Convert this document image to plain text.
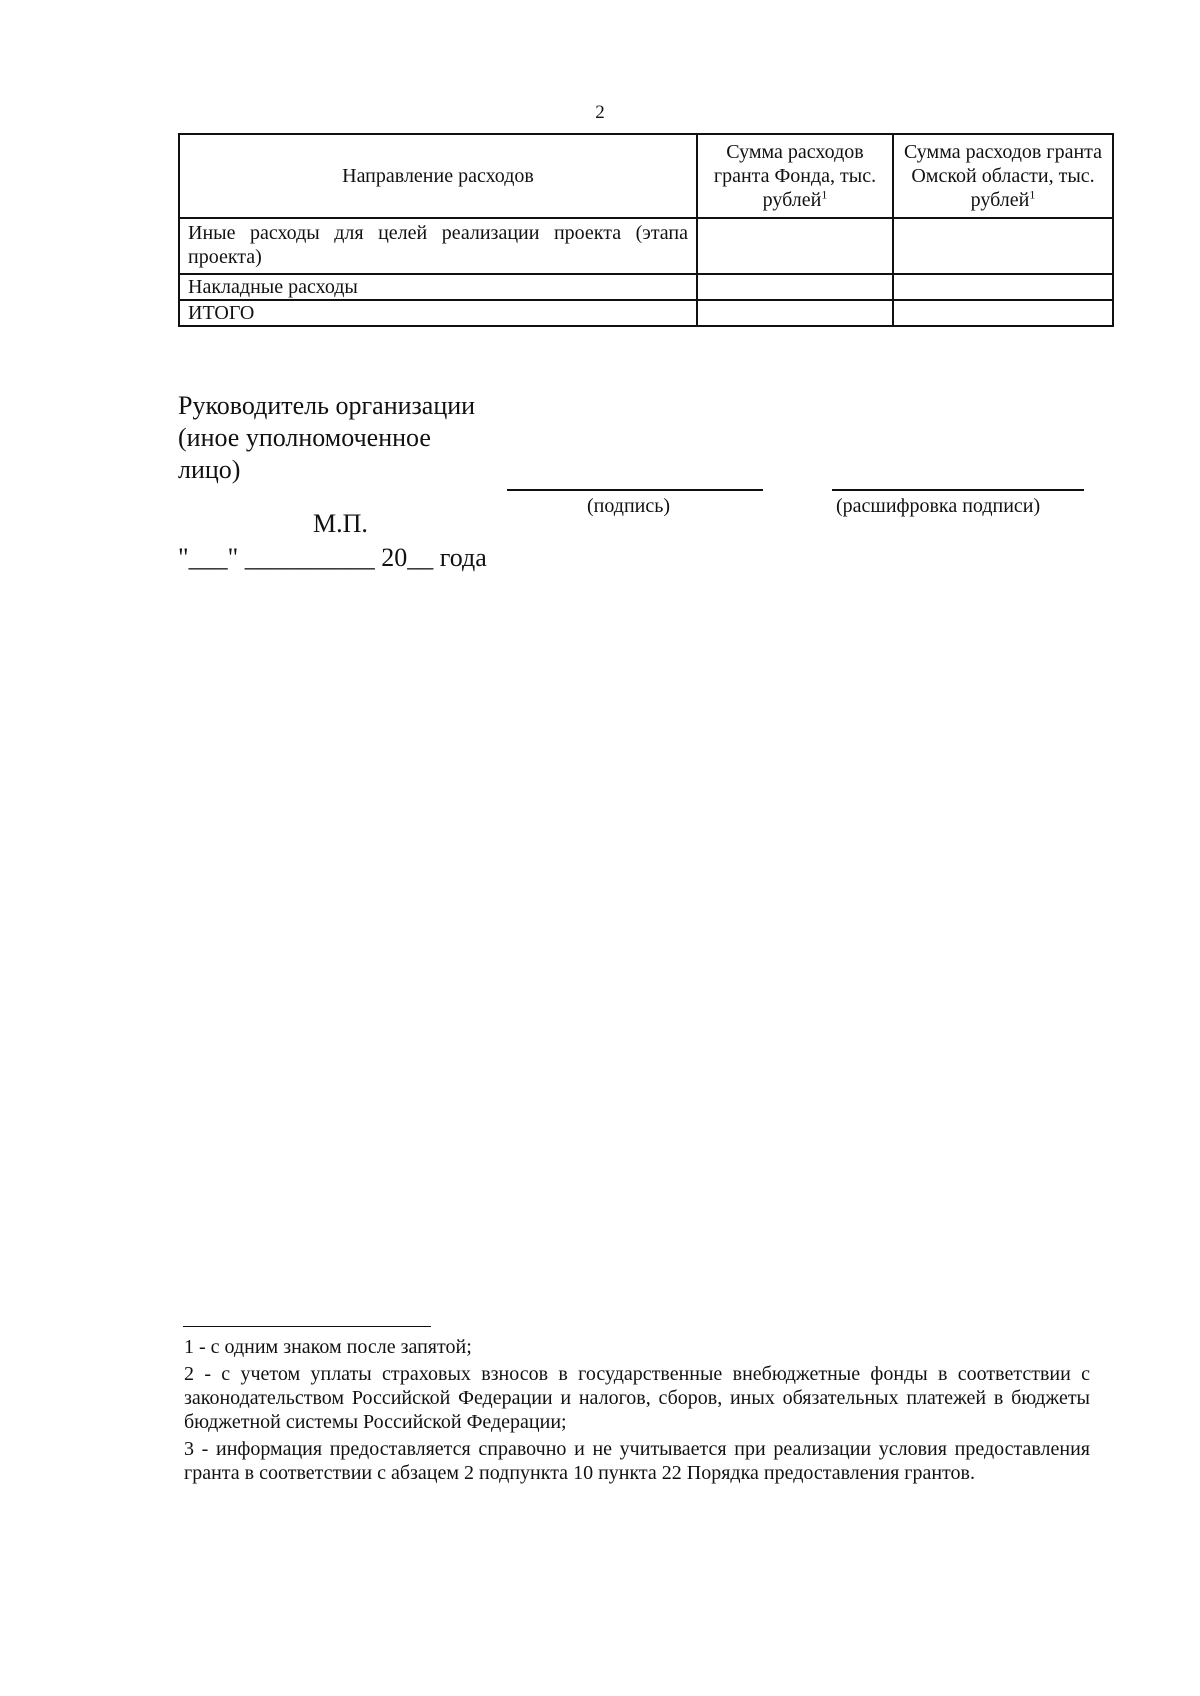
2
Направление расходов	Сумма расходов гранта Фонда, тыс. рублей$^1$	Сумма расходов гранта Омской области, тыс. рублей$^1$
Иные расходы для целей реализации проекта (этапа проекта)		
Накладные расходы		
ИТОГО		
Руководитель организации
(иное уполномоченное
лицо)
(подпись)	(расшифровка подписи)
М.П.
"___" __________ 20__ года

1 - с одним знаком после запятой;

2 - с учетом уплаты страховых взносов в государственные внебюджетные фонды в соответствии с законодательством Российской Федерации и налогов, сборов, иных обязательных платежей в бюджеты бюджетной системы Российской Федерации;

3 - информация предоставляется справочно и не учитывается при реализации условия предоставления гранта в соответствии с абзацем 2 подпункта 10 пункта 22 Порядка предоставления грантов.
